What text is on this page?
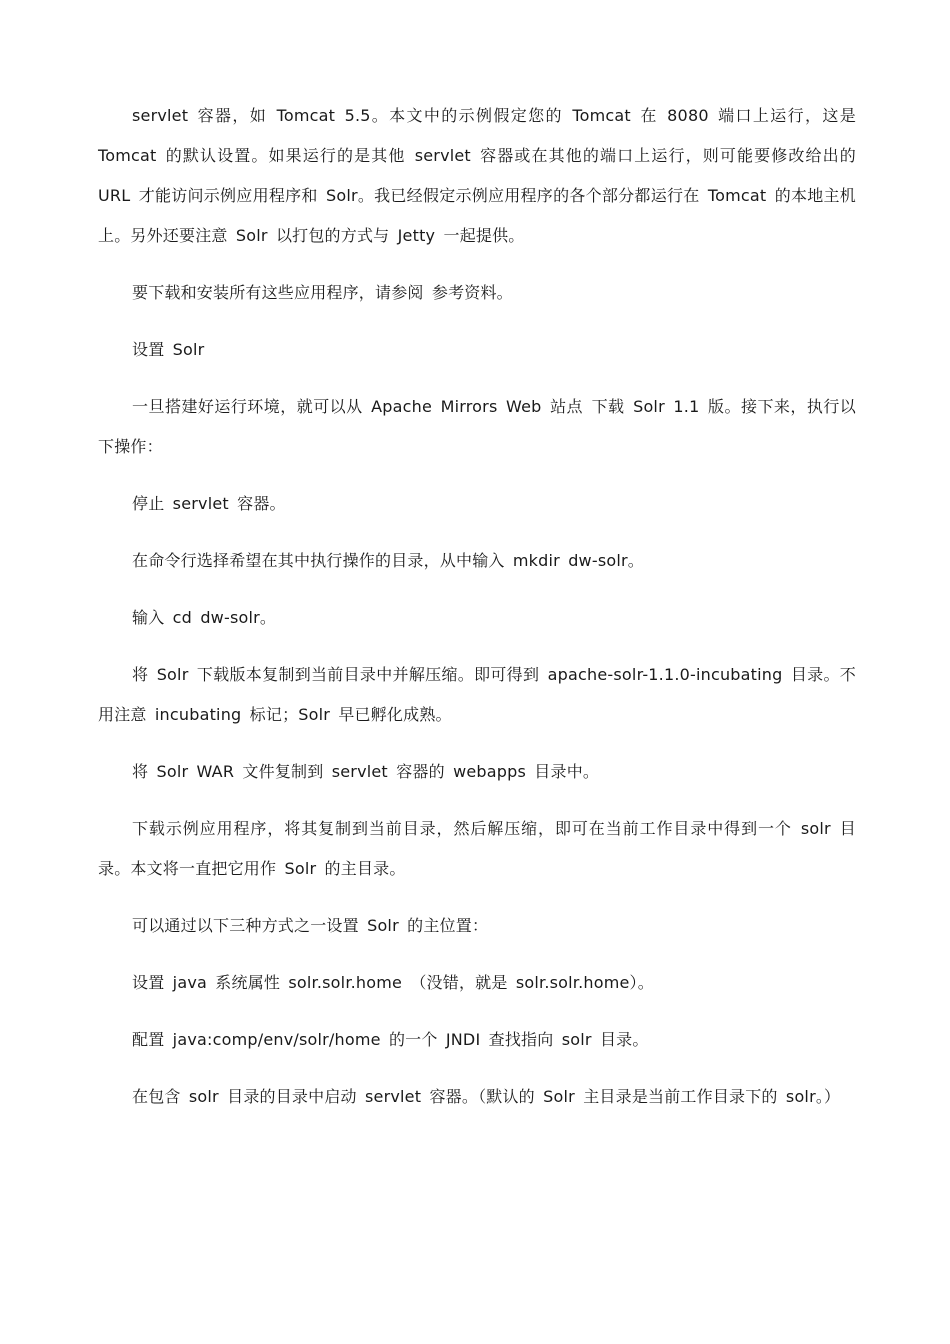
servlet 容器，如 Tomcat 5.5。本文中的示例假定您的 Tomcat 在 8080 端口上运行，这是 Tomcat 的默认设置。如果运行的是其他 servlet 容器或在其他的端口上运行，则可能要修改给出的 URL 才能访问示例应用程序和 Solr。我已经假定示例应用程序的各个部分都运行在 Tomcat 的本地主机上。另外还要注意 Solr 以打包的方式与 Jetty 一起提供。

要下载和安装所有这些应用程序，请参阅 参考资料。

设置 Solr

一旦搭建好运行环境，就可以从 Apache Mirrors Web 站点 下载 Solr 1.1 版。接下来，执行以下操作：

停止 servlet 容器。

在命令行选择希望在其中执行操作的目录，从中输入 mkdir dw-solr。

输入 cd dw-solr。

将 Solr 下载版本复制到当前目录中并解压缩。即可得到 apache-solr-1.1.0-incubating 目录。不用注意 incubating 标记；Solr 早已孵化成熟。

将 Solr WAR 文件复制到 servlet 容器的 webapps 目录中。

下载示例应用程序，将其复制到当前目录，然后解压缩，即可在当前工作目录中得到一个 solr 目录。本文将一直把它用作 Solr 的主目录。

可以通过以下三种方式之一设置 Solr 的主位置：

设置 java 系统属性 solr.solr.home （没错，就是 solr.solr.home）。

配置 java:comp/env/solr/home 的一个 JNDI 查找指向 solr 目录。

在包含 solr 目录的目录中启动 servlet 容器。（默认的 Solr 主目录是当前工作目录下的 solr。）
